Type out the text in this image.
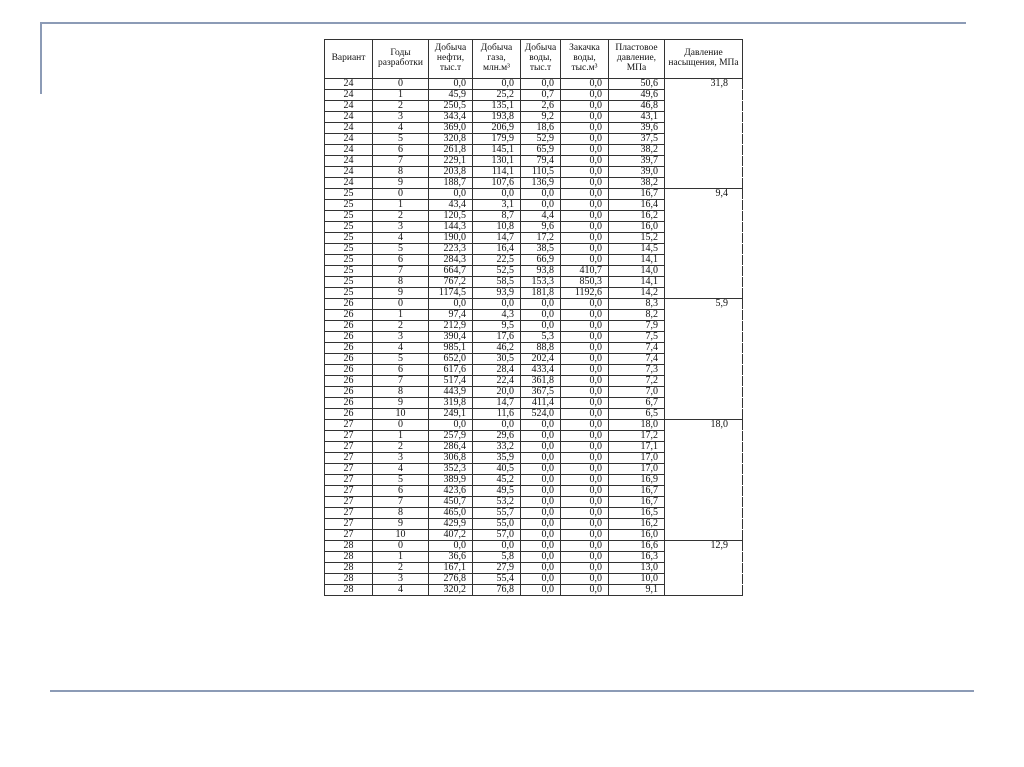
Вариант	Годы разработки	Добыча нефти, тыс.т	Добыча газа, млн.м³	Добыча воды, тыс.т	Закачка воды, тыс.м³	Пластовое давление, МПа	Давление насыщения, МПа
24	0	0,0	0,0	0,0	0,0	50,6	31,8
24	1	45,9	25,2	0,7	0,0	49,6	
24	2	250,5	135,1	2,6	0,0	46,8	
24	3	343,4	193,8	9,2	0,0	43,1	
24	4	369,0	206,9	18,6	0,0	39,6	
24	5	320,8	179,9	52,9	0,0	37,5	
24	6	261,8	145,1	65,9	0,0	38,2	
24	7	229,1	130,1	79,4	0,0	39,7	
24	8	203,8	114,1	110,5	0,0	39,0	
24	9	188,7	107,6	136,9	0,0	38,2	
25	0	0,0	0,0	0,0	0,0	16,7	9,4
25	1	43,4	3,1	0,0	0,0	16,4	
25	2	120,5	8,7	4,4	0,0	16,2	
25	3	144,3	10,8	9,6	0,0	16,0	
25	4	190,0	14,7	17,2	0,0	15,2	
25	5	223,3	16,4	38,5	0,0	14,5	
25	6	284,3	22,5	66,9	0,0	14,1	
25	7	664,7	52,5	93,8	410,7	14,0	
25	8	767,2	58,5	153,3	850,3	14,1	
25	9	1174,5	93,9	181,8	1192,6	14,2	
26	0	0,0	0,0	0,0	0,0	8,3	5,9
26	1	97,4	4,3	0,0	0,0	8,2	
26	2	212,9	9,5	0,0	0,0	7,9	
26	3	390,4	17,6	5,3	0,0	7,5	
26	4	985,1	46,2	88,8	0,0	7,4	
26	5	652,0	30,5	202,4	0,0	7,4	
26	6	617,6	28,4	433,4	0,0	7,3	
26	7	517,4	22,4	361,8	0,0	7,2	
26	8	443,9	20,0	367,5	0,0	7,0	
26	9	319,8	14,7	411,4	0,0	6,7	
26	10	249,1	11,6	524,0	0,0	6,5	
27	0	0,0	0,0	0,0	0,0	18,0	18,0
27	1	257,9	29,6	0,0	0,0	17,2	
27	2	286,4	33,2	0,0	0,0	17,1	
27	3	306,8	35,9	0,0	0,0	17,0	
27	4	352,3	40,5	0,0	0,0	17,0	
27	5	389,9	45,2	0,0	0,0	16,9	
27	6	423,6	49,5	0,0	0,0	16,7	
27	7	450,7	53,2	0,0	0,0	16,7	
27	8	465,0	55,7	0,0	0,0	16,5	
27	9	429,9	55,0	0,0	0,0	16,2	
27	10	407,2	57,0	0,0	0,0	16,0	
28	0	0,0	0,0	0,0	0,0	16,6	12,9
28	1	36,6	5,8	0,0	0,0	16,3	
28	2	167,1	27,9	0,0	0,0	13,0	
28	3	276,8	55,4	0,0	0,0	10,0	
28	4	320,2	76,8	0,0	0,0	9,1	
